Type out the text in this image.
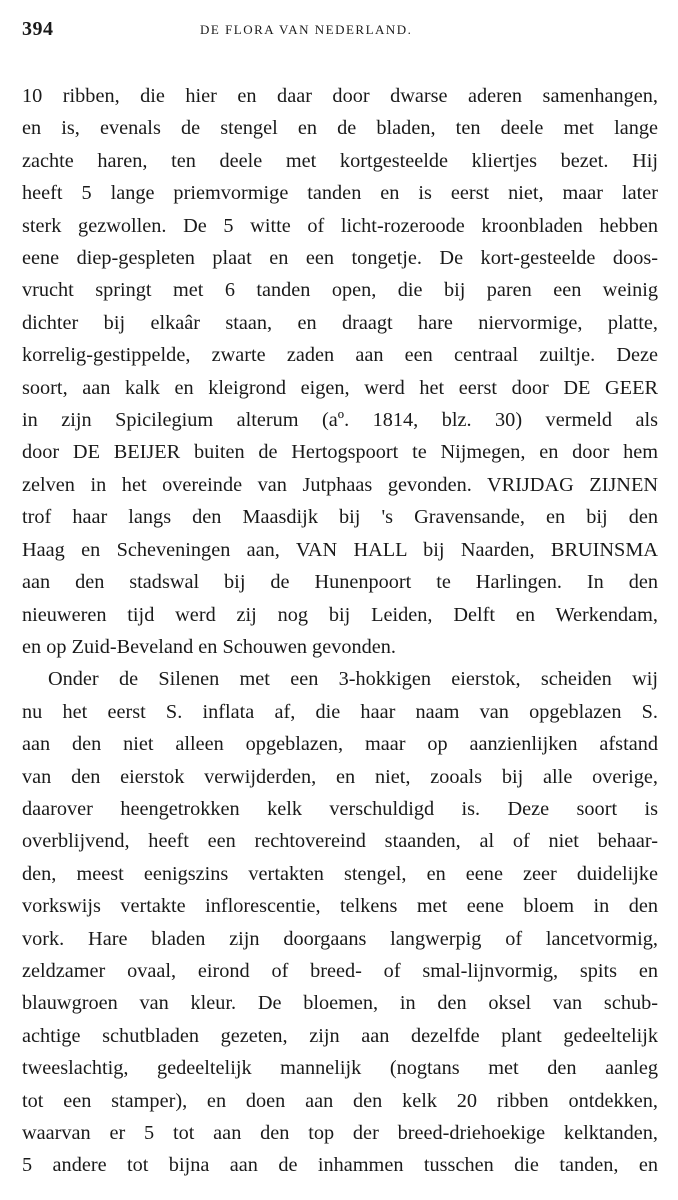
394	DE FLORA VAN NEDERLAND.
10 ribben, die hier en daar door dwarse aderen samenhangen,
en is, evenals de stengel en de bladen, ten deele met lange
zachte haren, ten deele met kortgesteelde kliertjes bezet. Hij
heeft 5 lange priemvormige tanden en is eerst niet, maar later
sterk gezwollen. De 5 witte of licht-rozeroode kroonbladen hebben
eene diep-gespleten plaat en een tongetje. De kort-gesteelde doos-
vrucht springt met 6 tanden open, die bij paren een weinig
dichter bij elkaâr staan, en draagt hare niervormige, platte,
korrelig-gestippelde, zwarte zaden aan een centraal zuiltje. Deze
soort, aan kalk en kleigrond eigen, werd het eerst door DE GEER
in zijn Spicilegium alterum (aº. 1814, blz. 30) vermeld als
door DE BEIJER buiten de Hertogspoort te Nijmegen, en door hem
zelven in het overeinde van Jutphaas gevonden. VRIJDAG ZIJNEN
trof haar langs den Maasdijk bij 's Gravensande, en bij den
Haag en Scheveningen aan, VAN HALL bij Naarden, BRUINSMA
aan den stadswal bij de Hunenpoort te Harlingen. In den
nieuweren tijd werd zij nog bij Leiden, Delft en Werkendam,
en op Zuid-Beveland en Schouwen gevonden.
Onder de Silenen met een 3-hokkigen eierstok, scheiden wij
nu het eerst S. inflata af, die haar naam van opgeblazen S.
aan den niet alleen opgeblazen, maar op aanzienlijken afstand
van den eierstok verwijderden, en niet, zooals bij alle overige,
daarover heengetrokken kelk verschuldigd is. Deze soort is
overblijvend, heeft een rechtovereind staanden, al of niet behaar-
den, meest eenigszins vertakten stengel, en eene zeer duidelijke
vorkswijs vertakte inflorescentie, telkens met eene bloem in den
vork. Hare bladen zijn doorgaans langwerpig of lancetvormig,
zeldzamer ovaal, eirond of breed- of smal-lijnvormig, spits en
blauwgroen van kleur. De bloemen, in den oksel van schub-
achtige schutbladen gezeten, zijn aan dezelfde plant gedeeltelijk
tweeslachtig, gedeeltelijk mannelijk (nogtans met den aanleg
tot een stamper), en doen aan den kelk 20 ribben ontdekken,
waarvan er 5 tot aan den top der breed-driehoekige kelktanden,
5 andere tot bijna aan de inhammen tusschen die tanden, en
